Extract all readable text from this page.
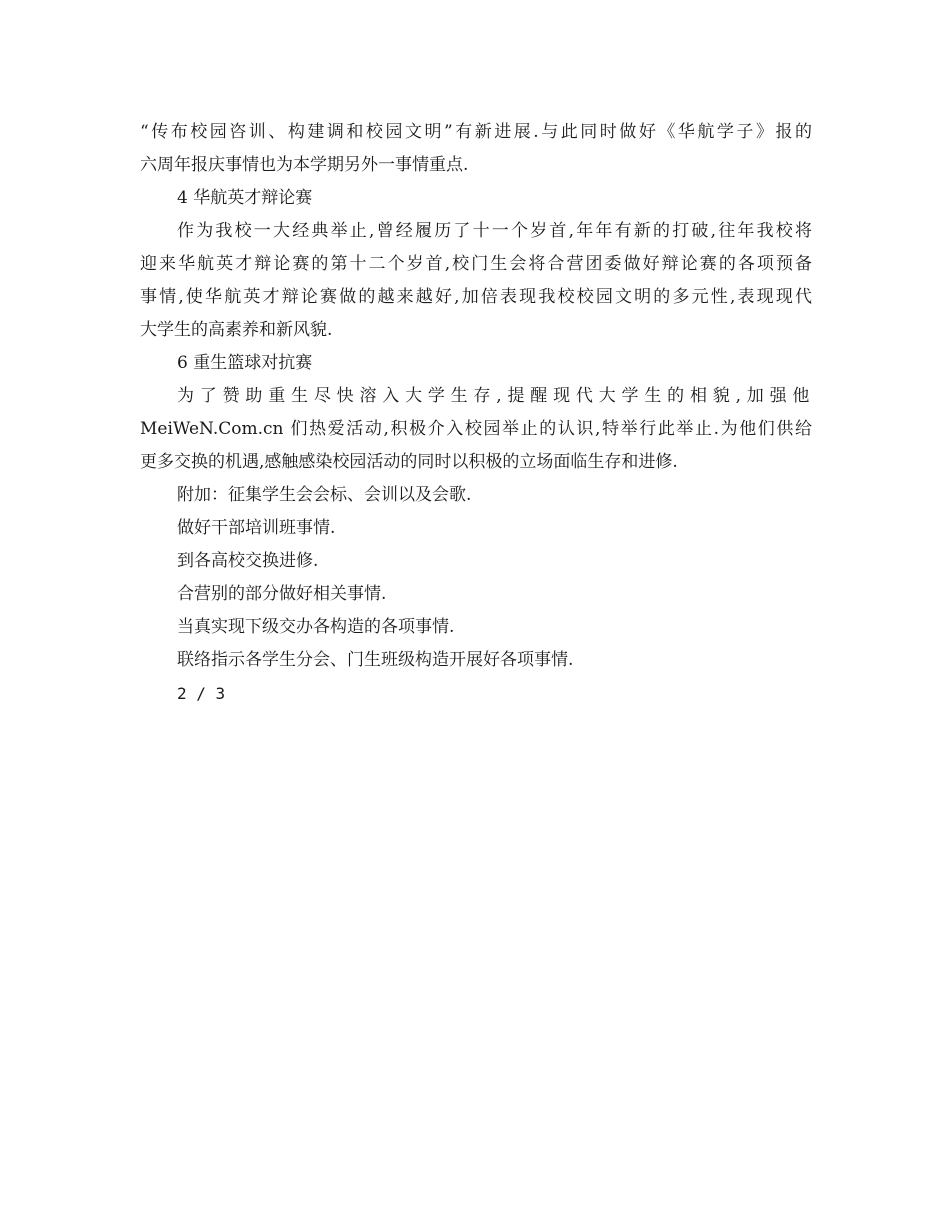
“传布校园咨训、构建调和校园文明”有新进展.与此同时做好《华航学子》报的
六周年报庆事情也为本学期另外一事情重点.
4 华航英才辩论赛
作为我校一大经典举止,曾经履历了十一个岁首,年年有新的打破,往年我校将
迎来华航英才辩论赛的第十二个岁首,校门生会将合营团委做好辩论赛的各项预备
事情,使华航英才辩论赛做的越来越好,加倍表现我校校园文明的多元性,表现现代
大学生的高素养和新风貌.
6 重生篮球对抗赛
为了赞助重生尽快溶入大学生存,提醒现代大学生的相貌,加强他
MeiWeN.Com.cn 们热爱活动,积极介入校园举止的认识,特举行此举止.为他们供给
更多交换的机遇,感触感染校园活动的同时以积极的立场面临生存和进修.
附加：征集学生会会标、会训以及会歌.
做好干部培训班事情.
到各高校交换进修.
合营别的部分做好相关事情.
当真实现下级交办各构造的各项事情.
联络指示各学生分会、门生班级构造开展好各项事情.
2 / 3
